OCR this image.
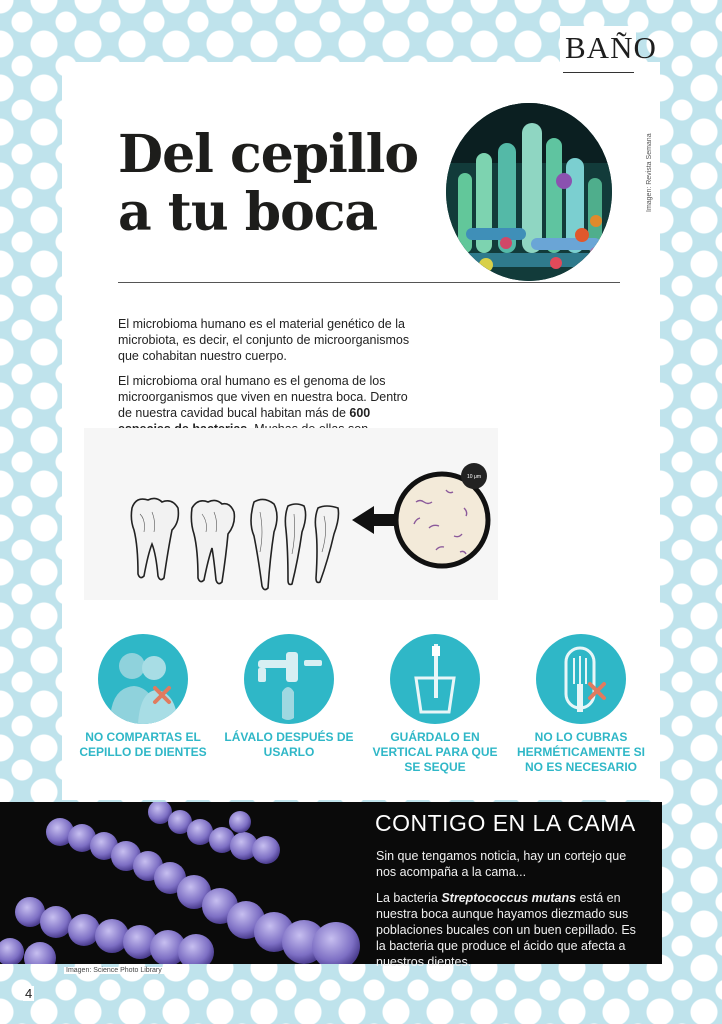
BAÑO
Del cepillo
a tu boca
Imagen: Revista Semana

El microbioma humano es el material genético de la microbiota, es decir, el conjunto de microorganismos que cohabitan nuestro cuerpo.

El microbioma oral humano es el genoma de los microorganismos que viven en nuestra boca. Dentro de nuestra cavidad bucal habitan más de 600

10 μm
NO COMPARTAS EL CEPILLO DE DIENTES
LÁVALO DESPUÉS DE USARLO
GUÁRDALO EN VERTICAL PARA QUE SE SEQUE
NO LO CUBRAS HERMÉTICAMENTE SI NO ES NECESARIO
CONTIGO EN LA CAMA

Sin que tengamos noticia, hay un cortejo que nos acompaña a la cama...

La bacteria Streptococcus mutans está en nuestra boca aunque hayamos diezmado sus poblaciones bucales con un buen cepillado. Es la bacteria que produce el ácido que afecta a nuestros dientes.

Imagen: Science Photo Library
4
